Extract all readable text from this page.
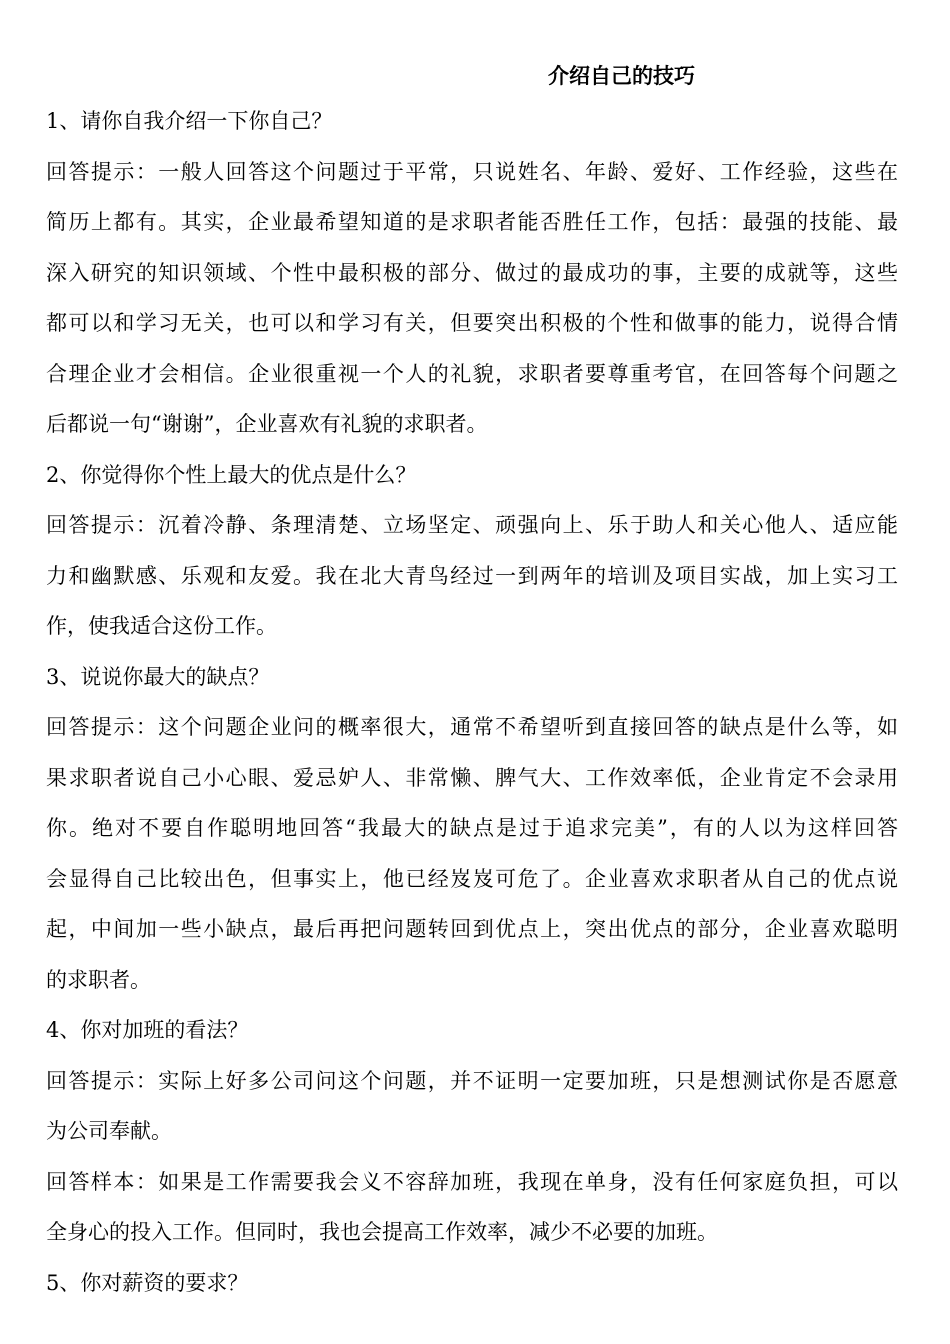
介绍自己的技巧
1、请你自我介绍一下你自己？
回答提示：一般人回答这个问题过于平常，只说姓名、年龄、爱好、工作经验，这些在
简历上都有。其实，企业最希望知道的是求职者能否胜任工作，包括：最强的技能、最
深入研究的知识领域、个性中最积极的部分、做过的最成功的事，主要的成就等，这些
都可以和学习无关，也可以和学习有关，但要突出积极的个性和做事的能力，说得合情
合理企业才会相信。企业很重视一个人的礼貌，求职者要尊重考官，在回答每个问题之
后都说一句“谢谢”，企业喜欢有礼貌的求职者。
2、你觉得你个性上最大的优点是什么？
回答提示：沉着冷静、条理清楚、立场坚定、顽强向上、乐于助人和关心他人、适应能
力和幽默感、乐观和友爱。我在北大青鸟经过一到两年的培训及项目实战，加上实习工
作，使我适合这份工作。
3、说说你最大的缺点？
回答提示：这个问题企业问的概率很大，通常不希望听到直接回答的缺点是什么等，如
果求职者说自己小心眼、爱忌妒人、非常懒、脾气大、工作效率低，企业肯定不会录用
你。绝对不要自作聪明地回答“我最大的缺点是过于追求完美”，有的人以为这样回答
会显得自己比较出色，但事实上，他已经岌岌可危了。企业喜欢求职者从自己的优点说
起，中间加一些小缺点，最后再把问题转回到优点上，突出优点的部分，企业喜欢聪明
的求职者。
4、你对加班的看法？
回答提示：实际上好多公司问这个问题，并不证明一定要加班，只是想测试你是否愿意
为公司奉献。
回答样本：如果是工作需要我会义不容辞加班，我现在单身，没有任何家庭负担，可以
全身心的投入工作。但同时，我也会提高工作效率，减少不必要的加班。
5、你对薪资的要求？
